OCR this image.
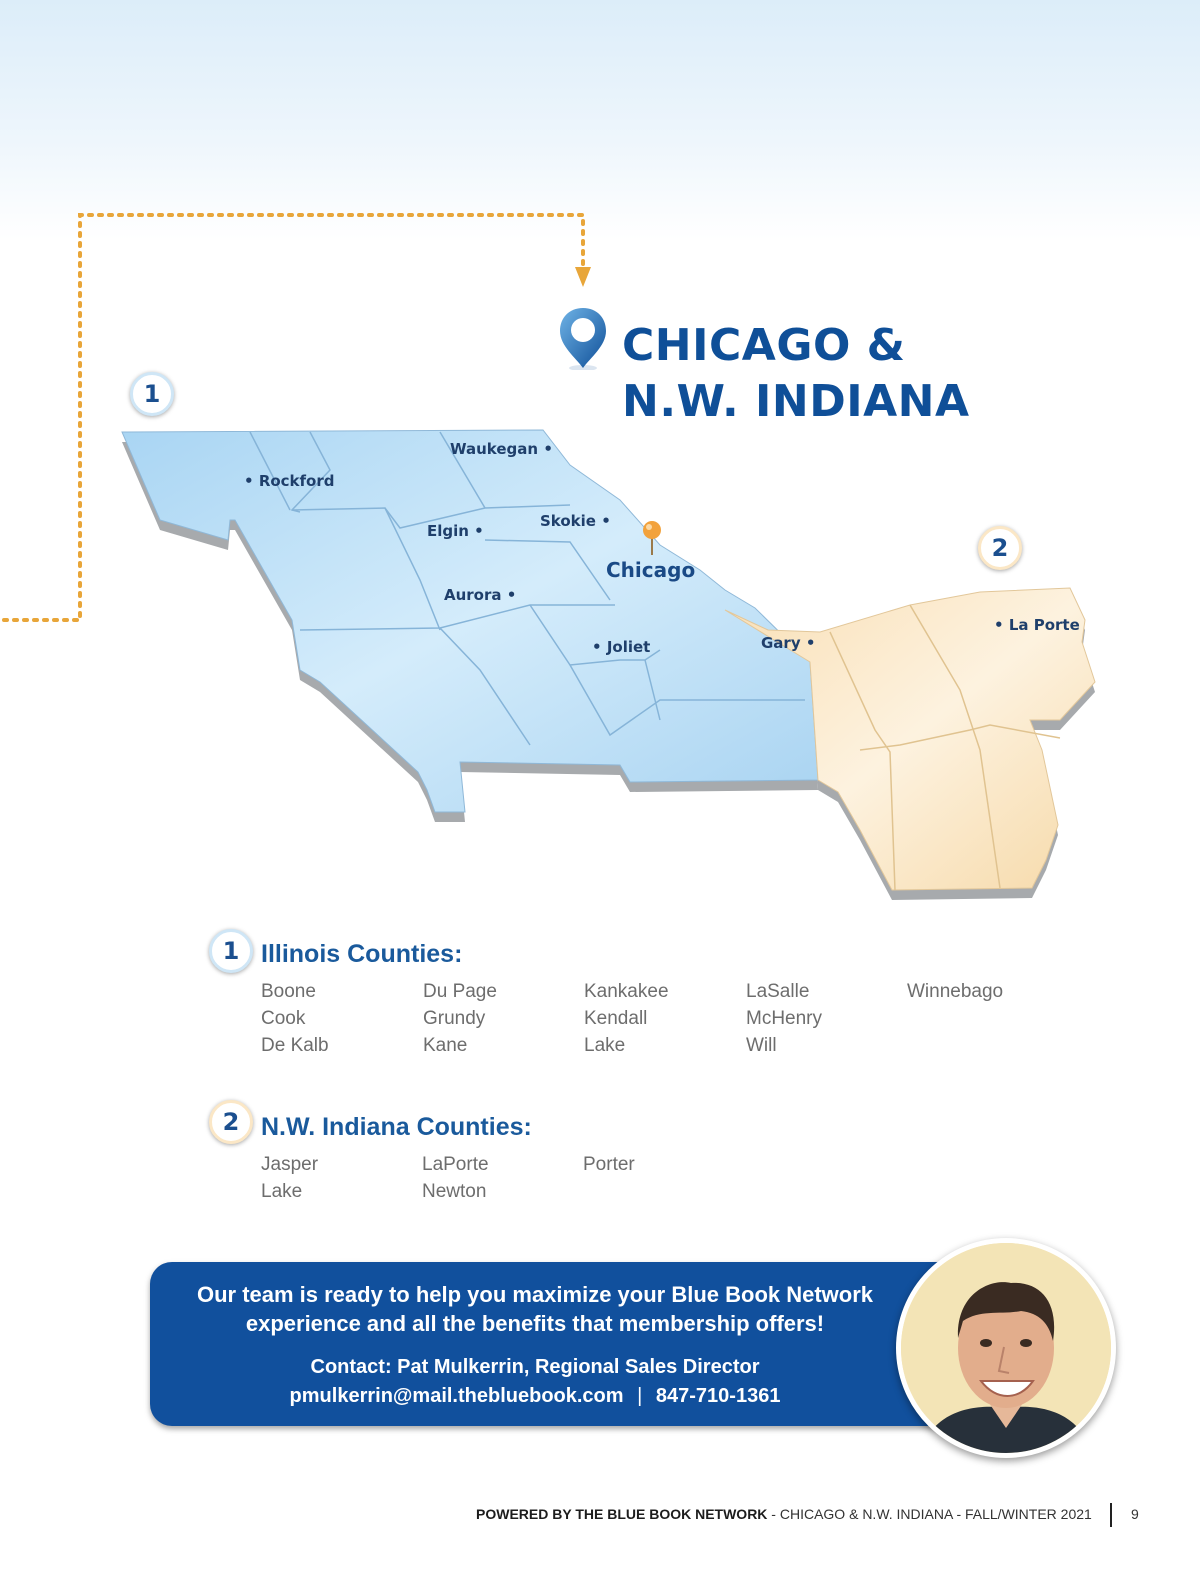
CHICAGO &
N.W. INDIANA
1
2
Waukegan •
• Rockford
Elgin •
Skokie •
Chicago
Aurora •
• Joliet	Gary •
• La Porte
1 Illinois Counties:
Boone
Cook
De Kalb
Du Page
Grundy
Kane
Kankakee
Kendall
Lake
LaSalle
McHenry
Will
Winnebago
2 N.W. Indiana Counties:
Jasper
Lake
LaPorte
Newton
Porter
Our team is ready to help you maximize your Blue Book Network
experience and all the benefits that membership offers!
Contact: Pat Mulkerrin, Regional Sales Director
pmulkerrin@mail.thebluebook.com | 847-710-1361
POWERED BY THE BLUE BOOK NETWORK - CHICAGO & N.W. INDIANA - FALL/WINTER 2021	9
